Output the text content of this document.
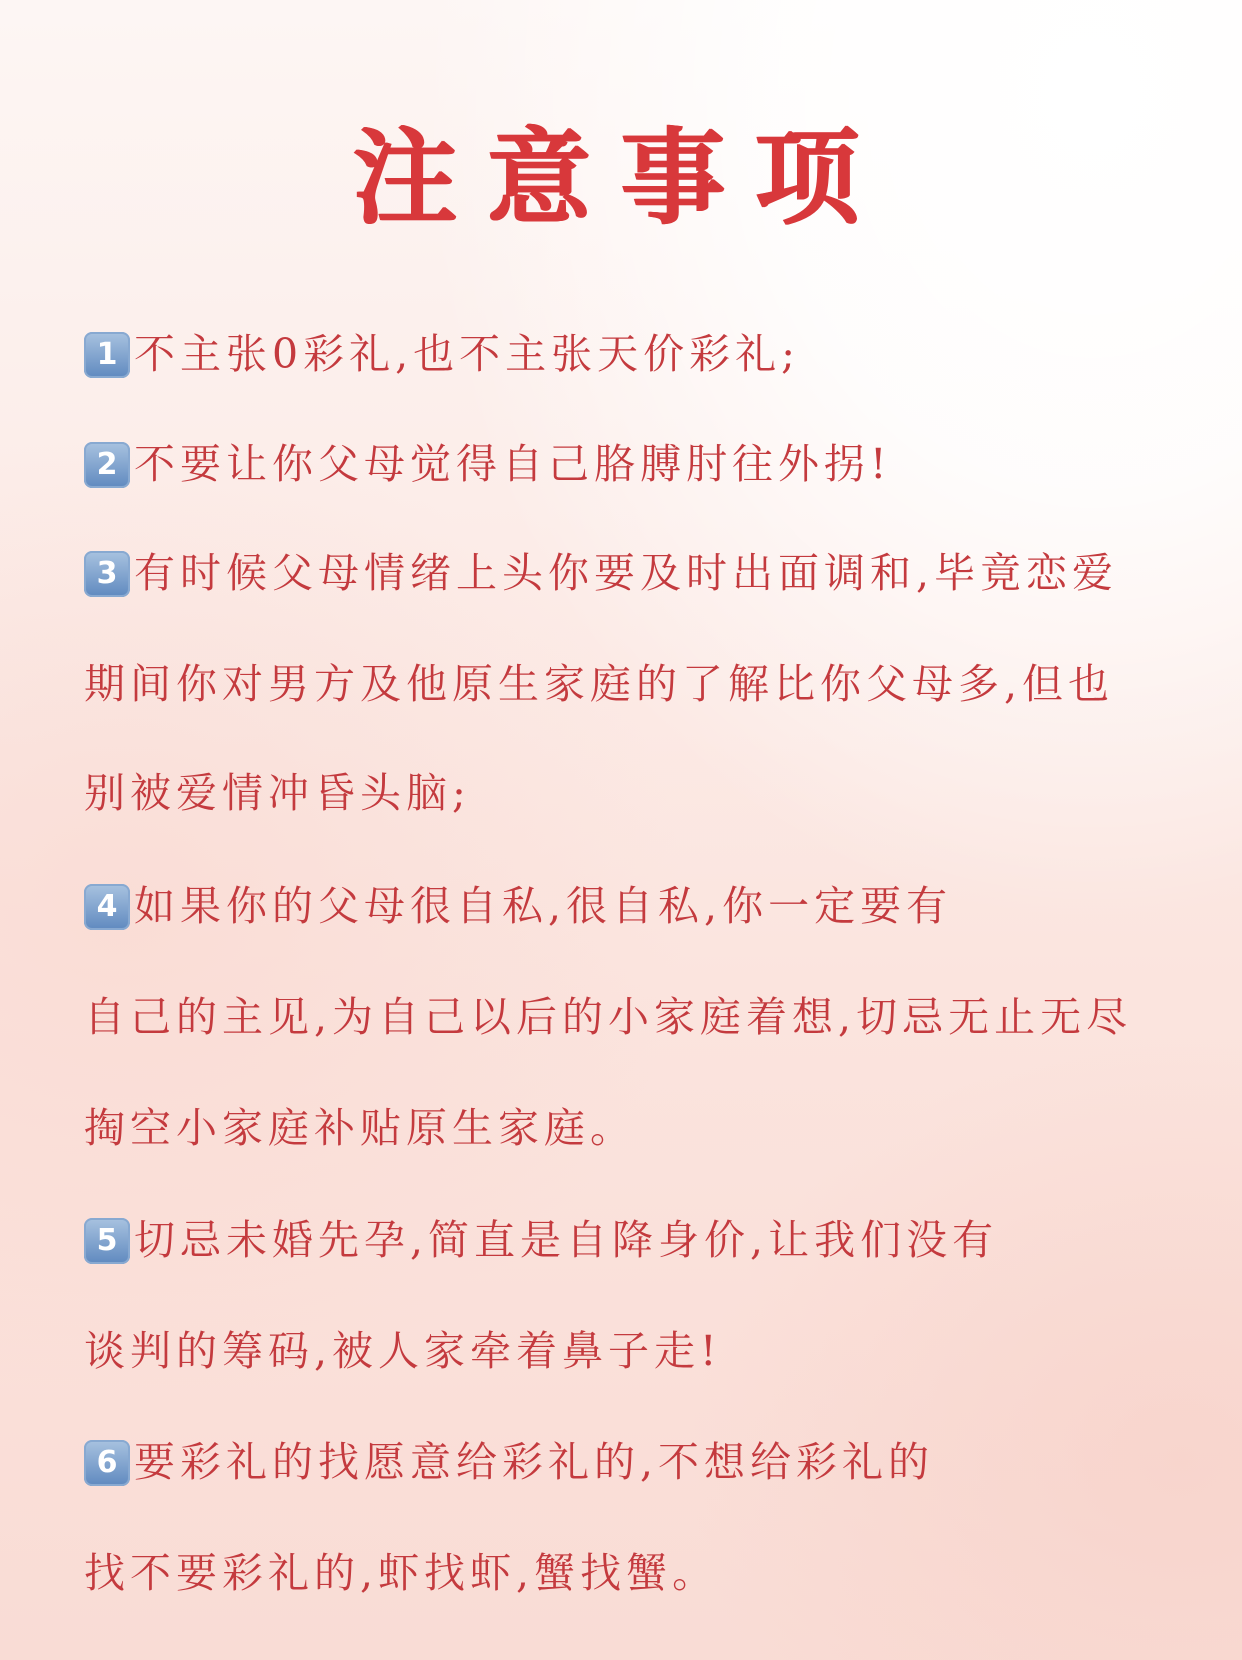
注意事项
1 不主张0彩礼,也不主张天价彩礼;
2 不要让你父母觉得自己胳膊肘往外拐!
3 有时候父母情绪上头你要及时出面调和,毕竟恋爱
期间你对男方及他原生家庭的了解比你父母多,但也
别被爱情冲昏头脑;
4 如果你的父母很自私,很自私,你一定要有
自己的主见,为自己以后的小家庭着想,切忌无止无尽
掏空小家庭补贴原生家庭。
5 切忌未婚先孕,简直是自降身价,让我们没有
谈判的筹码,被人家牵着鼻子走!
6 要彩礼的找愿意给彩礼的,不想给彩礼的
找不要彩礼的,虾找虾,蟹找蟹。
